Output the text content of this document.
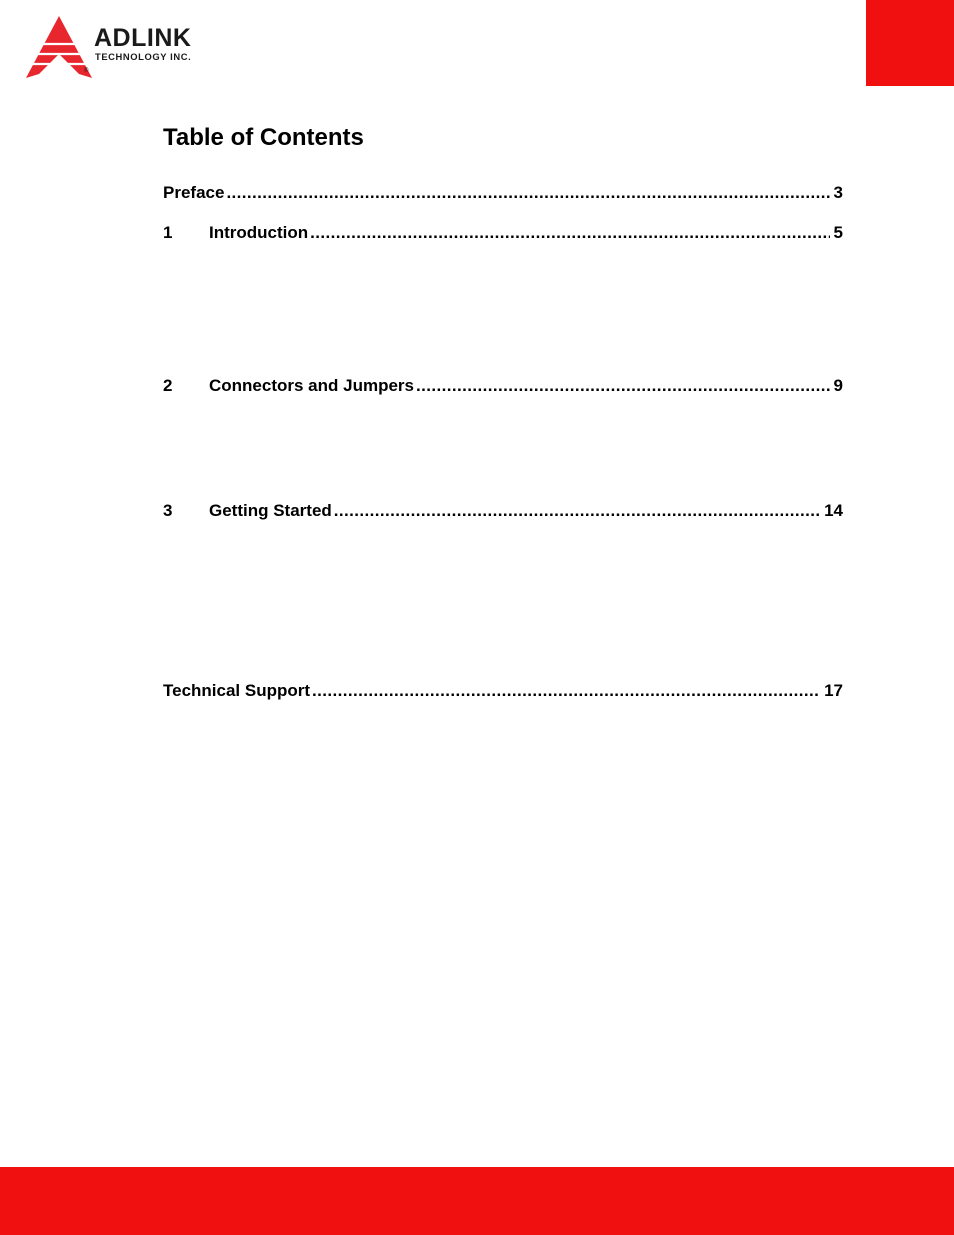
ADLINK
TECHNOLOGY INC.
®
Table of Contents
Preface .....	3
1	Introduction .....	5
2	Connectors and Jumpers .....	9
3	Getting Started .....	14
Technical Support .....	17
